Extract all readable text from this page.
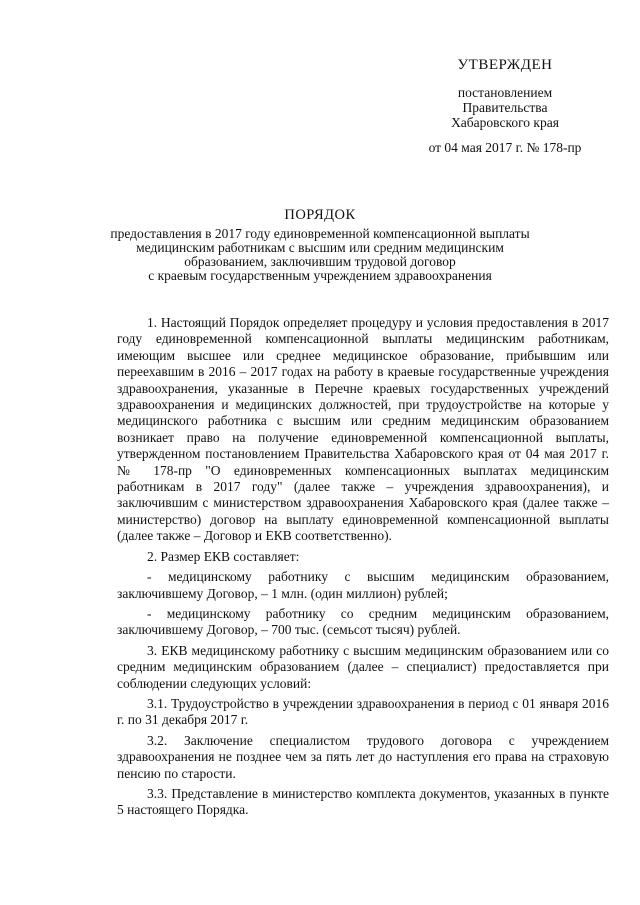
УТВЕРЖДЕН
постановлением
Правительства
Хабаровского края
от 04 мая 2017 г. № 178-пр
ПОРЯДОК
предоставления в 2017 году единовременной компенсационной выплаты
медицинским работникам с высшим или средним медицинским
образованием, заключившим трудовой договор
с краевым государственным учреждением здравоохранения

1. Настоящий Порядок определяет процедуру и условия предоставления в 2017 году единовременной компенсационной выплаты медицинским работникам, имеющим высшее или среднее медицинское образование, прибывшим или переехавшим в 2016 – 2017 годах на работу в краевые государственные учреждения здравоохранения, указанные в Перечне краевых государственных учреждений здравоохранения и медицинских должностей, при трудоустройстве на которые у медицинского работника с высшим или средним медицинским образованием возникает право на получение единовременной компенсационной выплаты, утвержденном постановлением Правительства Хабаровского края от 04 мая 2017 г. № 178-пр "О единовременных компенсационных выплатах медицинским работникам в 2017 году" (далее также – учреждения здравоохранения), и заключившим с министерством здравоохранения Хабаровского края (далее также – министерство) договор на выплату единовременной компенсационной выплаты (далее также – Договор и ЕКВ соответственно).

2. Размер ЕКВ составляет:

- медицинскому работнику с высшим медицинским образованием, заключившему Договор, – 1 млн. (один миллион) рублей;

- медицинскому работнику со средним медицинским образованием, заключившему Договор, – 700 тыс. (семьсот тысяч) рублей.

3. ЕКВ медицинскому работнику с высшим медицинским образованием или со средним медицинским образованием (далее – специалист) предоставляется при соблюдении следующих условий:

3.1. Трудоустройство в учреждении здравоохранения в период с 01 января 2016 г. по 31 декабря 2017 г.

3.2. Заключение специалистом трудового договора с учреждением здравоохранения не позднее чем за пять лет до наступления его права на страховую пенсию по старости.

3.3. Представление в министерство комплекта документов, указанных в пункте 5 настоящего Порядка.
